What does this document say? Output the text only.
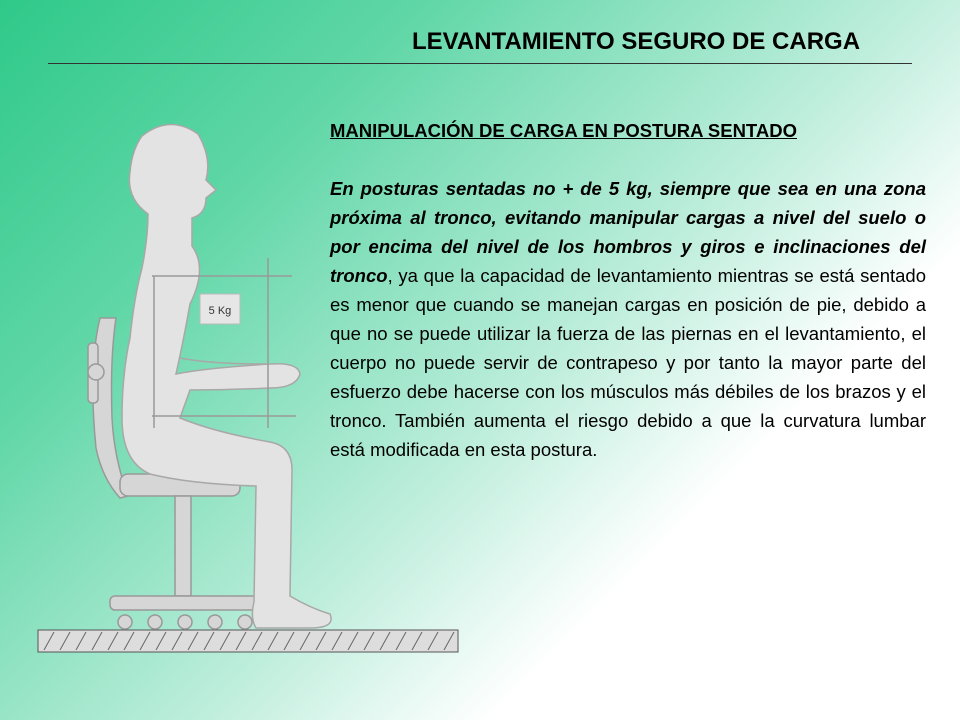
LEVANTAMIENTO SEGURO DE CARGA
5 Kg

MANIPULACIÓN DE CARGA EN POSTURA SENTADO

En posturas sentadas no + de 5 kg, siempre que sea en una zona próxima al tronco, evitando manipular cargas a nivel del suelo o por encima del nivel de los hombros y giros e inclinaciones del tronco, ya que la capacidad de levantamiento mientras se está sentado es menor que cuando se manejan cargas en posición de pie, debido a que no se puede utilizar la fuerza de las piernas en el levantamiento, el cuerpo no puede servir de contrapeso y por tanto la mayor parte del esfuerzo debe hacerse con los músculos más débiles de los brazos y el tronco. También aumenta el riesgo debido a que la curvatura lumbar está modificada en esta postura.
